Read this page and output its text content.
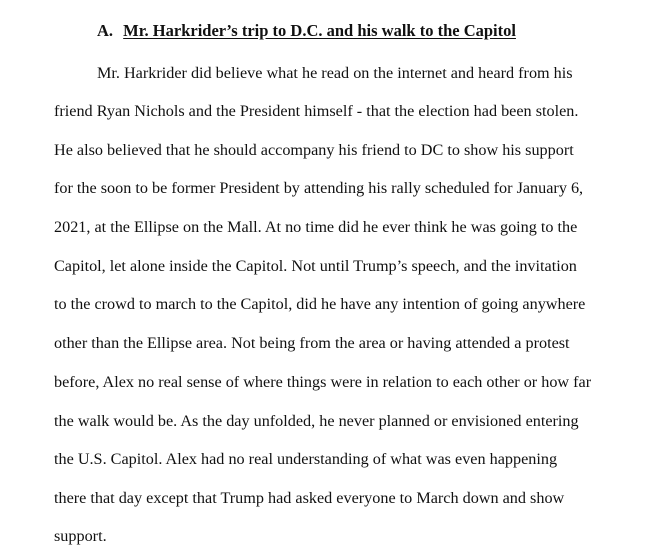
A. Mr. Harkrider’s trip to D.C. and his walk to the Capitol
Mr. Harkrider did believe what he read on the internet and heard from his
friend Ryan Nichols and the President himself - that the election had been stolen.
He also believed that he should accompany his friend to DC to show his support
for the soon to be former President by attending his rally scheduled for January 6,
2021, at the Ellipse on the Mall. At no time did he ever think he was going to the
Capitol, let alone inside the Capitol. Not until Trump’s speech, and the invitation
to the crowd to march to the Capitol, did he have any intention of going anywhere
other than the Ellipse area. Not being from the area or having attended a protest
before, Alex no real sense of where things were in relation to each other or how far
the walk would be. As the day unfolded, he never planned or envisioned entering
the U.S. Capitol. Alex had no real understanding of what was even happening
there that day except that Trump had asked everyone to March down and show
support.
